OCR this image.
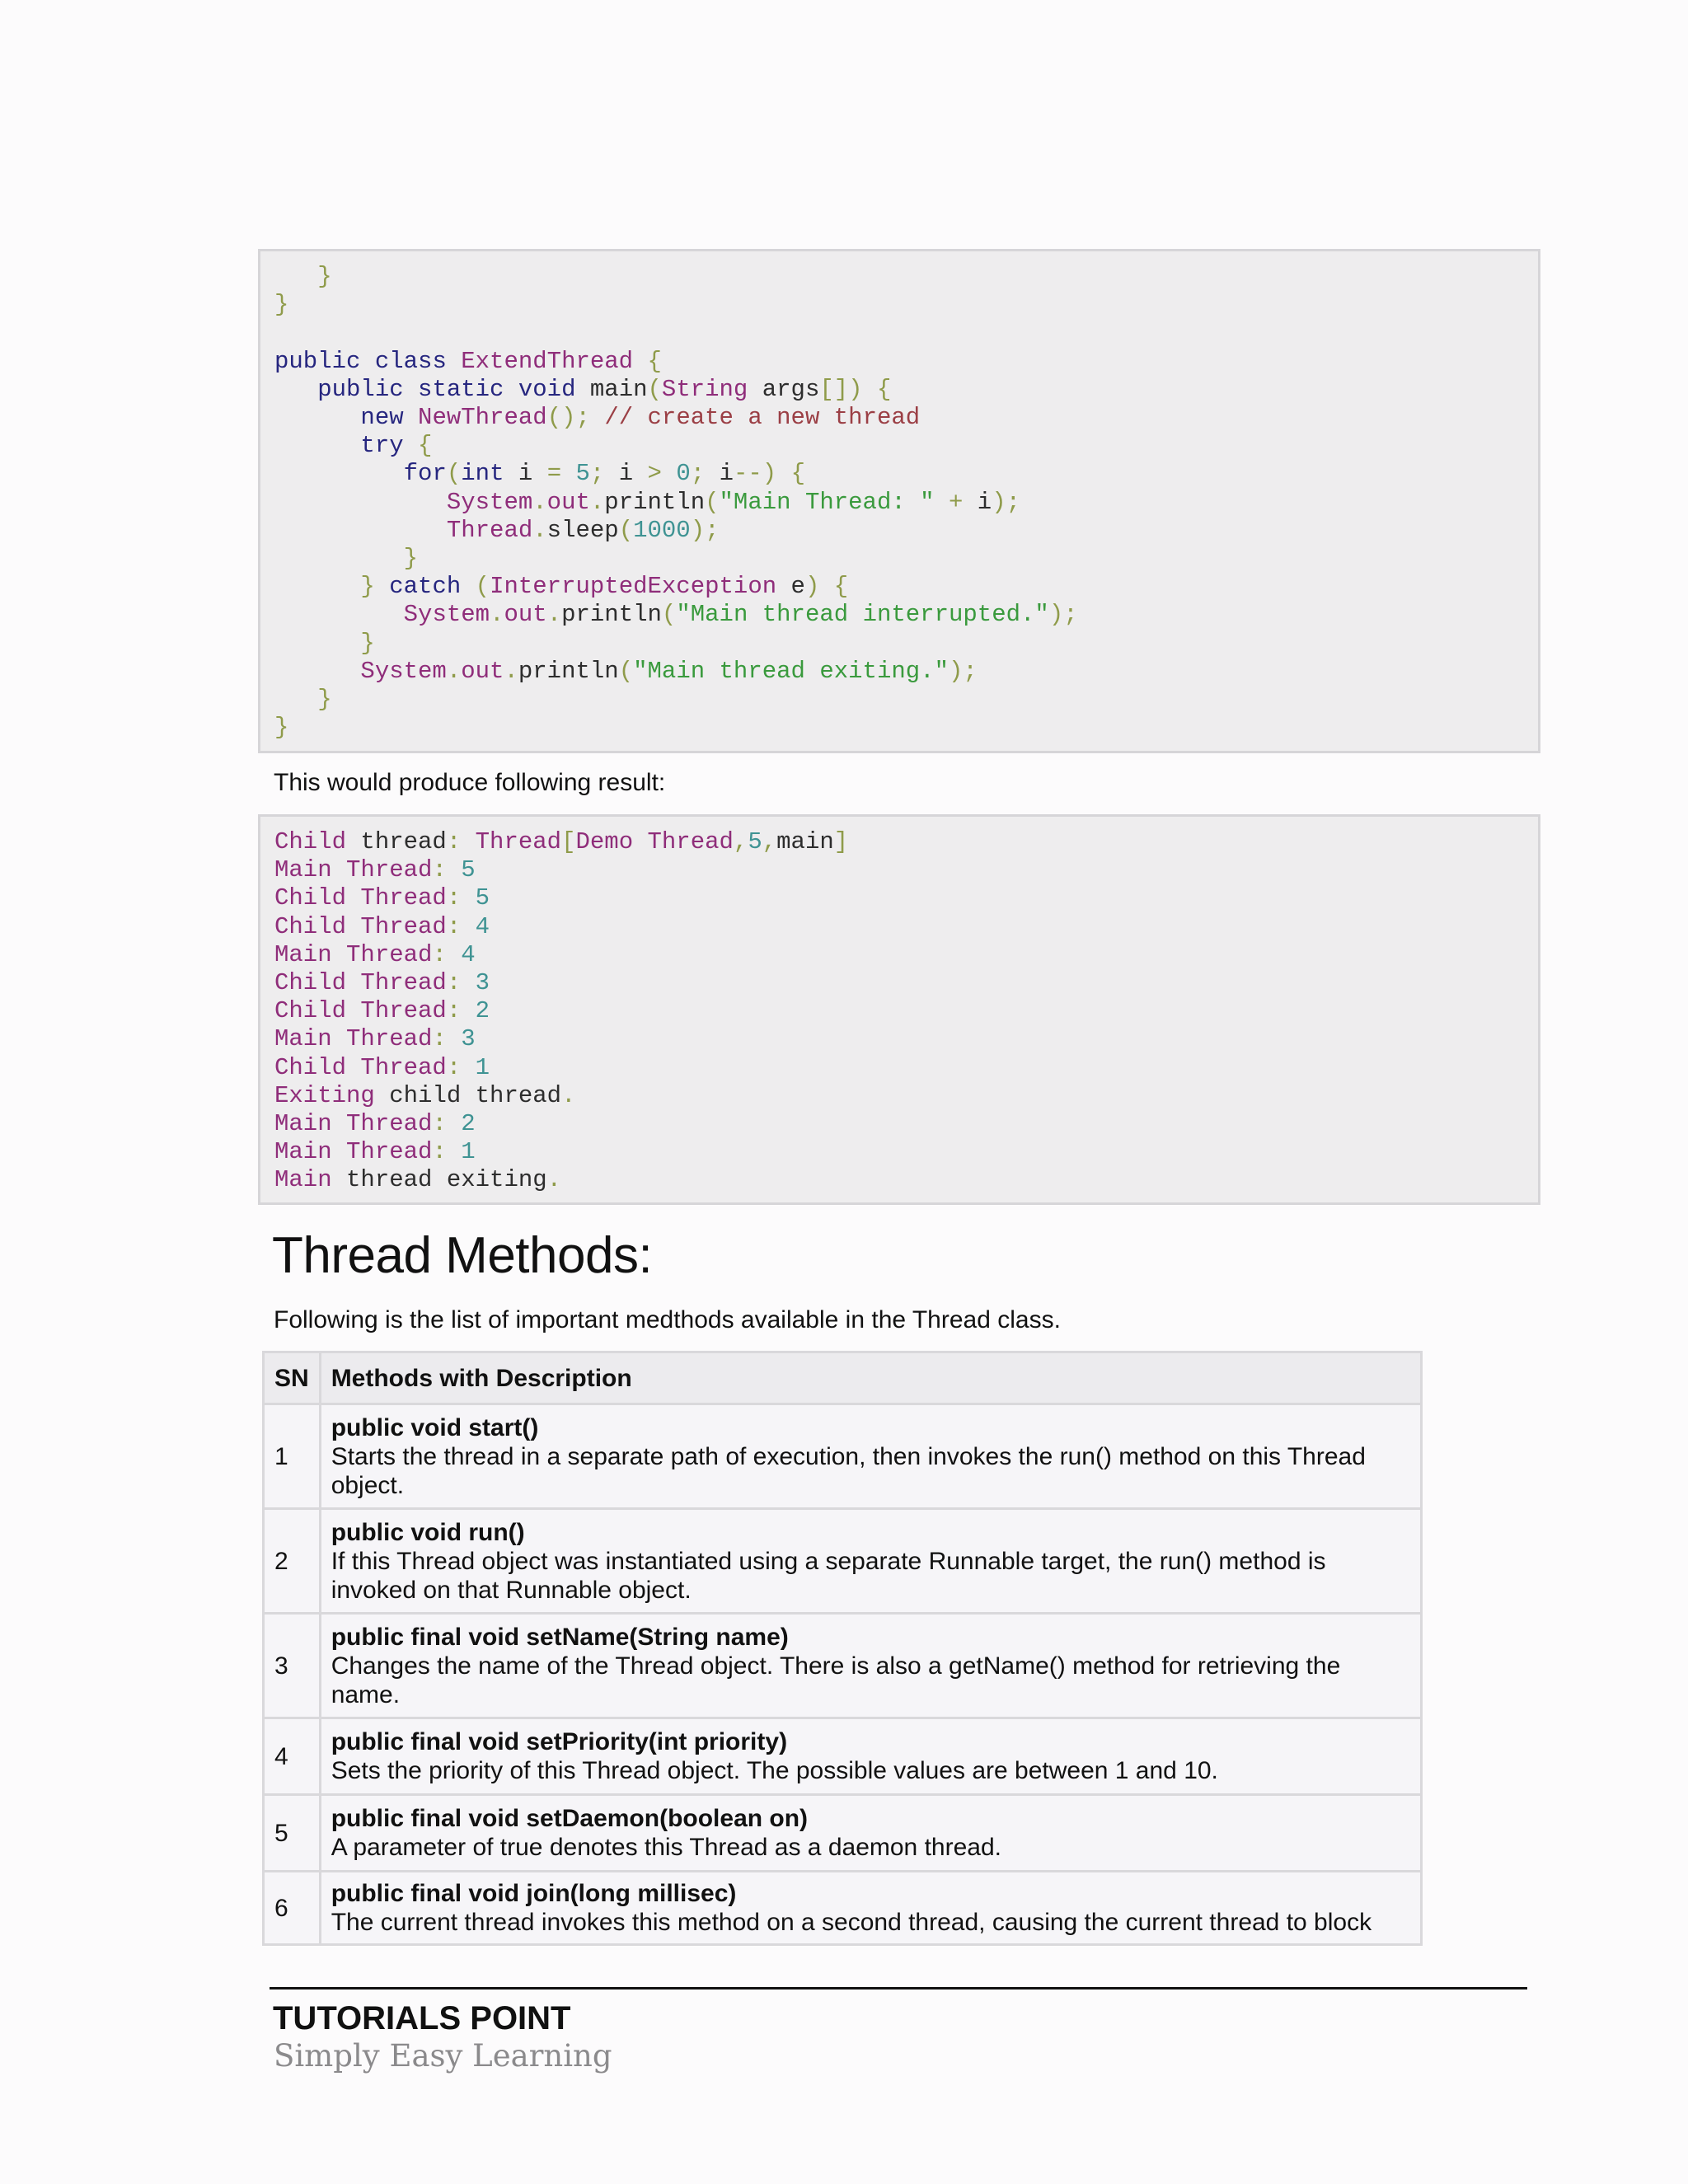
}
}

public class ExtendThread {
public static void main(String args[]) {
new NewThread(); // create a new thread
try {
for(int i = 5; i > 0; i--) {
System.out.println("Main Thread: " + i);
Thread.sleep(1000);
}
} catch (InterruptedException e) {
System.out.println("Main thread interrupted.");
}
System.out.println("Main thread exiting.");
}
}
This would produce following result:
Child thread: Thread[Demo Thread,5,main]
Main Thread: 5
Child Thread: 5
Child Thread: 4
Main Thread: 4
Child Thread: 3
Child Thread: 2
Main Thread: 3
Child Thread: 1
Exiting child thread.
Main Thread: 2
Main Thread: 1
Main thread exiting.
Thread Methods:
Following is the list of important medthods available in the Thread class.
SN	Methods with Description
1	public void start()
Starts the thread in a separate path of execution, then invokes the run() method on this Thread object.

2	public void run()
If this Thread object was instantiated using a separate Runnable target, the run() method is invoked on that Runnable object.

3	public final void setName(String name)
Changes the name of the Thread object. There is also a getName() method for retrieving the name.

4	public final void setPriority(int priority)
Sets the priority of this Thread object. The possible values are between 1 and 10.

5	public final void setDaemon(boolean on)
A parameter of true denotes this Thread as a daemon thread.

6	public final void join(long millisec)
The current thread invokes this method on a second thread, causing the current thread to block
TUTORIALS POINT
Simply Easy Learning
